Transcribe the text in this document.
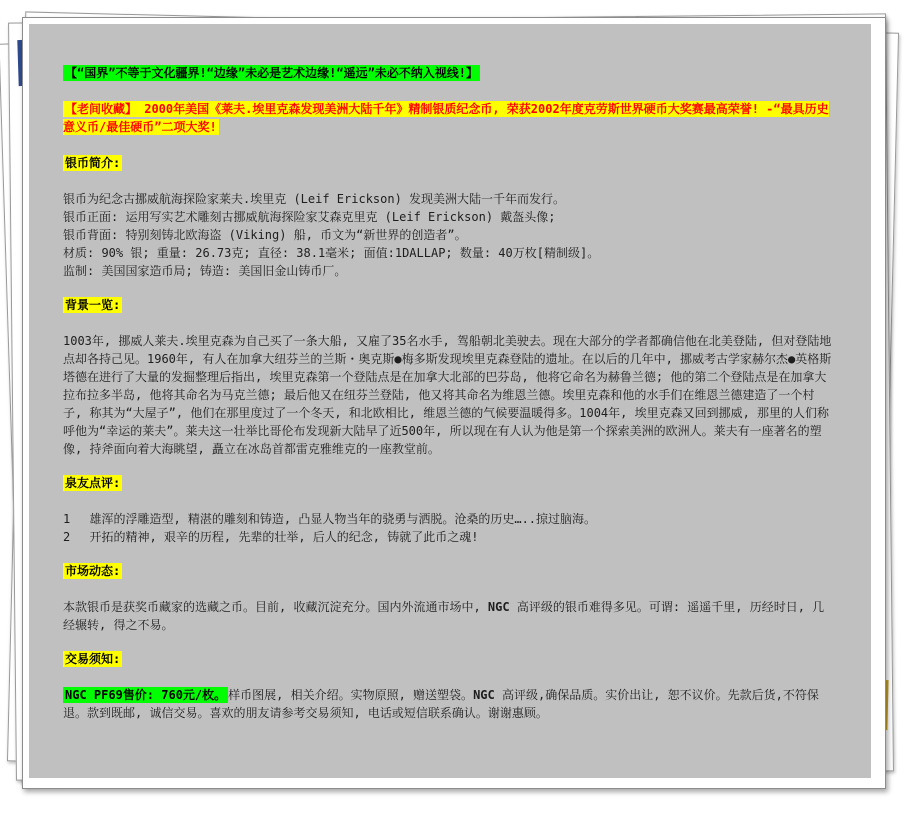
【“国界”不等于文化疆界!“边缘”未必是艺术边缘!“遥远”未必不纳入视线!】

【老间收藏】 2000年美国《莱夫.埃里克森发现美洲大陆千年》精制银质纪念币, 荣获2002年度克劳斯世界硬币大奖赛最高荣誉! -“最具历史意义币/最佳硬币”二项大奖!

银币简介:

银币为纪念古挪威航海探险家莱夫.埃里克 (Leif Erickson) 发现美洲大陆一千年而发行。

银币正面: 运用写实艺术雕刻古挪威航海探险家艾森克里克 (Leif Erickson) 戴盔头像;

银币背面: 特别刻铸北欧海盗 (Viking) 船, 币文为“新世界的创造者”。

材质: 90% 银; 重量: 26.73克; 直径: 38.1毫米; 面值:1DALLAP; 数量: 40万枚[精制级]。

监制: 美国国家造币局; 铸造: 美国旧金山铸币厂。

背景一览:

1003年, 挪威人莱夫.埃里克森为自己买了一条大船, 又雇了35名水手, 驾船朝北美驶去。现在大部分的学者都确信他在北美登陆, 但对登陆地点却各持己见。1960年, 有人在加拿大纽芬兰的兰斯・奥克斯●梅多斯发现埃里克森登陆的遗址。在以后的几年中, 挪威考古学家赫尔杰●英格斯塔德在进行了大量的发掘整理后指出, 埃里克森第一个登陆点是在加拿大北部的巴芬岛, 他将它命名为赫鲁兰德; 他的第二个登陆点是在加拿大拉布拉多半岛, 他将其命名为马克兰德; 最后他又在纽芬兰登陆, 他又将其命名为维恩兰德。埃里克森和他的水手们在维恩兰德建造了一个村子, 称其为“大屋子”, 他们在那里度过了一个冬天, 和北欧相比, 维恩兰德的气候要温暖得多。1004年, 埃里克森又回到挪威, 那里的人们称呼他为“幸运的莱夫”。莱夫这一壮举比哥伦布发现新大陆早了近500年, 所以现在有人认为他是第一个探索美洲的欧洲人。莱夫有一座著名的塑像, 持斧面向着大海眺望, 矗立在冰岛首都雷克雅维克的一座教堂前。

泉友点评:

1　 雄浑的浮雕造型, 精湛的雕刻和铸造, 凸显人物当年的骁勇与洒脱。沧桑的历史…..掠过脑海。

2　 开拓的精神, 艰辛的历程, 先辈的壮举, 后人的纪念, 铸就了此币之魂!

市场动态:

本款银币是获奖币藏家的选藏之币。目前, 收藏沉淀充分。国内外流通市场中, NGC 高评级的银币难得多见。可谓: 遥遥千里, 历经时日, 几经辗转, 得之不易。

交易须知:

NGC PF69售价: 760元/枚。 样币图展, 相关介绍。实物原照, 赠送塑袋。NGC 高评级,确保品质。实价出让, 恕不议价。先款后货,不符保退。款到既邮, 诚信交易。喜欢的朋友请参考交易须知, 电话或短信联系确认。谢谢惠顾。
